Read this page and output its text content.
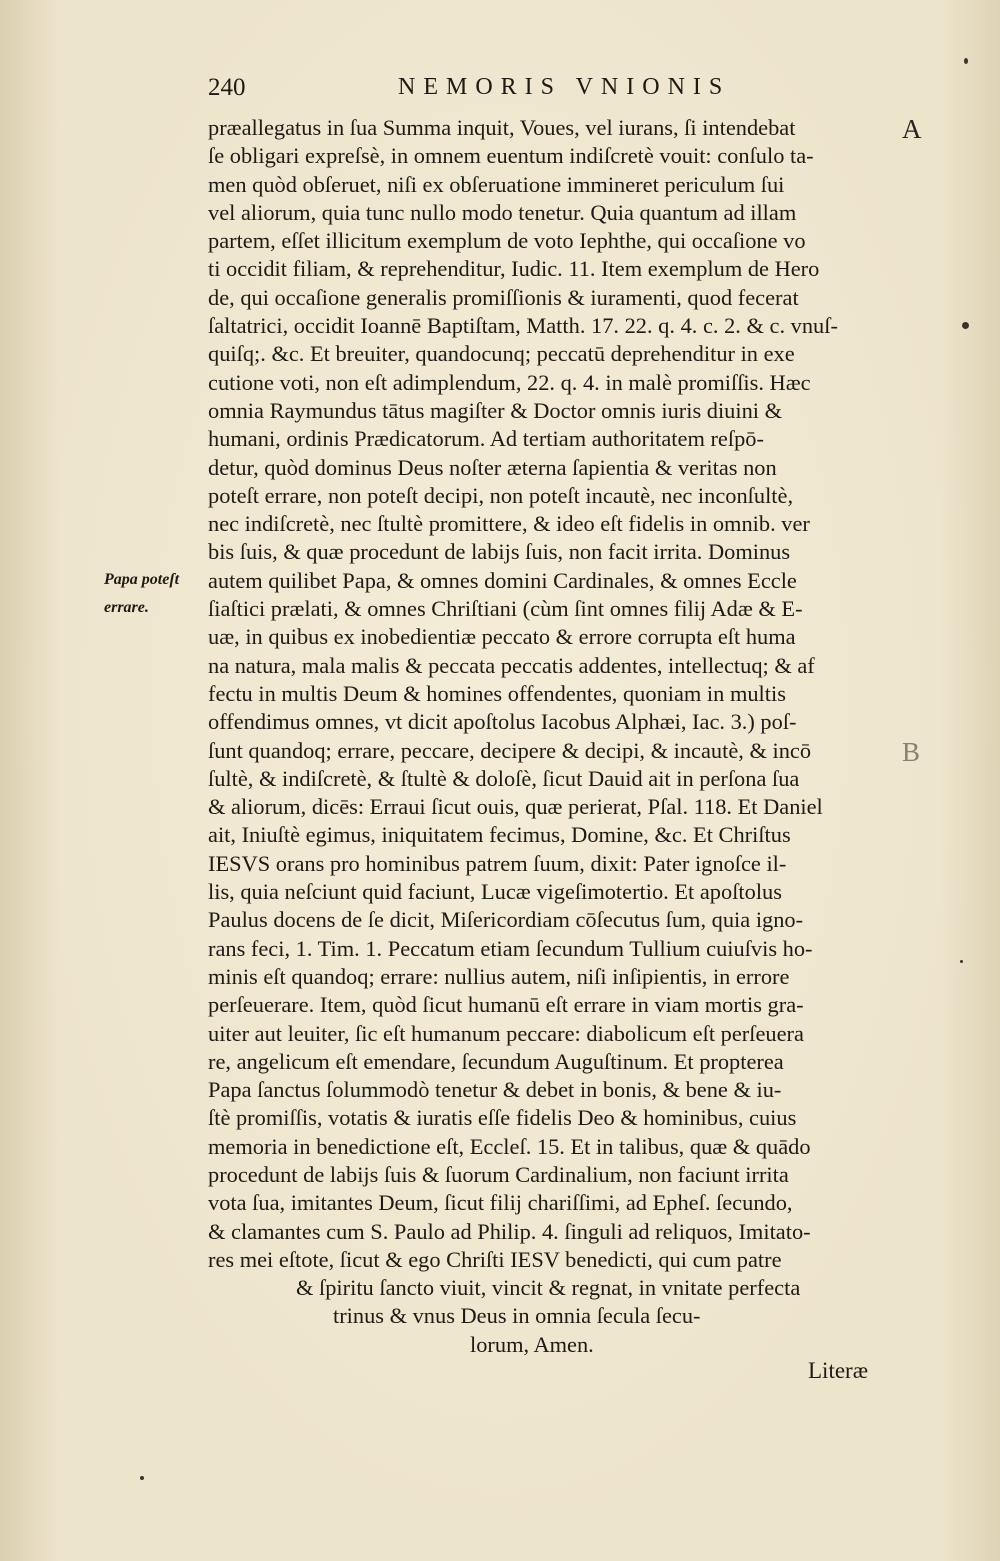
240	NEMORIS VNIONIS
A
B
Papa poteſt
errare.
præallegatus in ſua Summa inquit, Voues, vel iurans, ſi intendebat
ſe obligari expreſsè, in omnem euentum indiſcretè vouit: conſulo ta‑
men quòd obſeruet, niſi ex obſeruatione immineret periculum ſui
vel aliorum, quia tunc nullo modo tenetur. Quia quantum ad illam
partem, eſſet illicitum exemplum de voto Iephthe, qui occaſione vo
ti occidit filiam, & reprehenditur, Iudic. 11. Item exemplum de Hero
de, qui occaſione generalis promiſſionis & iuramenti, quod fecerat
ſaltatrici, occidit Ioannē Baptiſtam, Matth. 17. 22. q. 4. c. 2. & c. vnuſ‑
quiſq;. &c. Et breuiter, quandocunq; peccatū deprehenditur in exe
cutione voti, non eſt adimplendum, 22. q. 4. in malè promiſſis. Hæc
omnia Raymundus tātus magiſter & Doctor omnis iuris diuini &
humani, ordinis Prædicatorum. Ad tertiam authoritatem reſpō‑
detur, quòd dominus Deus noſter æterna ſapientia & veritas non
poteſt errare, non poteſt decipi, non poteſt incautè, nec inconſultè,
nec indiſcretè, nec ſtultè promittere, & ideo eſt fidelis in omnib. ver
bis ſuis, & quæ procedunt de labijs ſuis, non facit irrita. Dominus
autem quilibet Papa, & omnes domini Cardinales, & omnes Eccle
ſiaſtici prælati, & omnes Chriſtiani (cùm ſint omnes filij Adæ & E‑
uæ, in quibus ex inobedientiæ peccato & errore corrupta eſt huma
na natura, mala malis & peccata peccatis addentes, intellectuq; & af
fectu in multis Deum & homines offendentes, quoniam in multis
offendimus omnes, vt dicit apoſtolus Iacobus Alphæi, Iac. 3.) poſ‑
ſunt quandoq; errare, peccare, decipere & decipi, & incautè, & incō
ſultè, & indiſcretè, & ſtultè & doloſè, ſicut Dauid ait in perſona ſua
& aliorum, dicēs: Erraui ſicut ouis, quæ perierat, Pſal. 118. Et Daniel
ait, Iniuſtè egimus, iniquitatem fecimus, Domine, &c. Et Chriſtus
IESVS orans pro hominibus patrem ſuum, dixit: Pater ignoſce il‑
lis, quia neſciunt quid faciunt, Lucæ vigeſimotertio. Et apoſtolus
Paulus docens de ſe dicit, Miſericordiam cōſecutus ſum, quia igno‑
rans feci, 1. Tim. 1. Peccatum etiam ſecundum Tullium cuiuſvis ho‑
minis eſt quandoq; errare: nullius autem, niſi inſipientis, in errore
perſeuerare. Item, quòd ſicut humanū eſt errare in viam mortis gra‑
uiter aut leuiter, ſic eſt humanum peccare: diabolicum eſt perſeuera
re, angelicum eſt emendare, ſecundum Auguſtinum. Et propterea
Papa ſanctus ſolummodò tenetur & debet in bonis, & bene & iu‑
ſtè promiſſis, votatis & iuratis eſſe fidelis Deo & hominibus, cuius
memoria in benedictione eſt, Eccleſ. 15. Et in talibus, quæ & quādo
procedunt de labijs ſuis & ſuorum Cardinalium, non faciunt irrita
vota ſua, imitantes Deum, ſicut filij chariſſimi, ad Epheſ. ſecundo,
& clamantes cum S. Paulo ad Philip. 4. ſinguli ad reliquos, Imitato‑
res mei eſtote, ſicut & ego Chriſti IESV benedicti, qui cum patre
& ſpiritu ſancto viuit, vincit & regnat, in vnitate perfecta
trinus & vnus Deus in omnia ſecula ſecu‑
lorum, Amen.
Literæ
